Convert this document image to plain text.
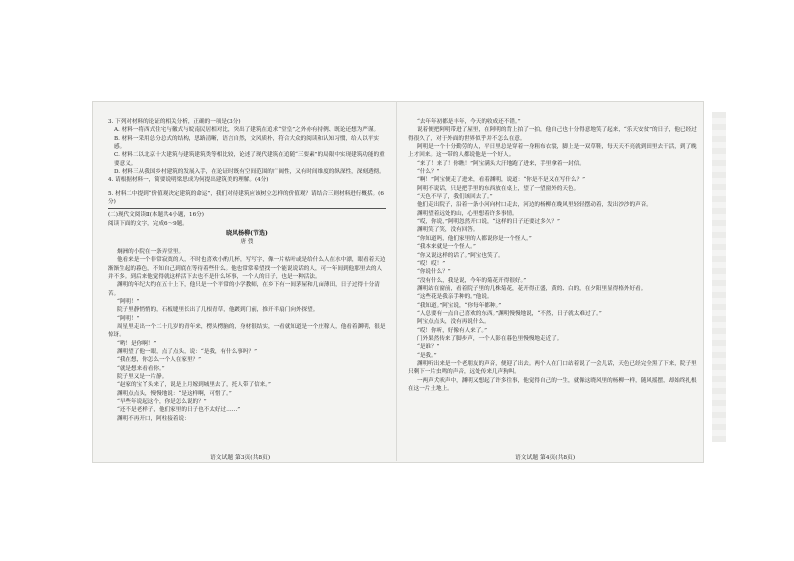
3. 下列对材料的论证的相关分析，正确的一项是(3分)

A. 材料一将西式住宅与徽式与皖南民居相对比，突出了建筑在追求“堂皇”之外亦有持例、既论还想为严谨。

B. 材料一采用总分总式的结构，思路清晰，语言自然，文风质朴，符合大众的阅读和认知习惯，给人以平实感。

C. 材料二以北京十大建筑与建筑建筑类等相比较，论述了现代建筑在追随“三要素”的局限中实现建筑功能的重要意义。

D. 材料三从我国乡村建筑的发展入手，在论证时既有空间范围的广阔性，又有时间维度的纵深性，深刻透彻。

4. 请根据材料一，简要说明梁思成为何提出建筑美的理解。(4分)

5. 材料二中提到“价值观决定建筑的命运”，我们对待建筑应该树立怎样的价值观？请结合三则材料进行概括。(6分)

(二)现代文阅读Ⅱ(本题共4小题，16分)

阅读下面的文字，完成6～9题。

晓风杨柳(节选)

唐 弢

炯洲的小院在一条弄堂里。

他看来是一个非常寂寞的人，不时也喜欢小酌几杯，写写字，像一片枯叶或是给什么人在水中漂，眼看着天边渐渐生起的暮色，不知自己到底在等待着些什么。他也常常希望找一个能说说话的人，可一年间到他那里去的人并不多。到后来他觉得就这样活下去也不是什么坏事，一个人的日子，也是一种活法。

渊明的年纪大约在五十上下，他只是一个平常的小学教师，在乡下有一间茅屋和几亩薄田，日子过得十分清苦。

“阿明！”

院子里静悄悄的，石板缝里长出了几根青草，他踱到门前，推开半扇门向外探望。

“阿明！”

周星里走出一个二十几岁的青年来，楞头楞脑的，身材很结实，一看就知道是一个庄稼人，他看着渊明，很是惊讶。

“哟！是你啊！”

渊明望了他一眼，点了点头，说：“是我，有什么事吗？”

“我在想，你怎么一个人在家里？”

“就是想来看看你。”

院子里又是一片静。

“赵家的宝丫头来了，说是上月嫁到城里去了，托人带了信来。”

渊明点点头，慢慢地说：“是这样啊，可惜了。”

“早些年说起这个，你是怎么说的？”

“还不是老样子，他们家里的日子也不太好过……”

渊明不再开口，阿柱接着说：

“去年年初都是丰年，今天的收成还不错。”

说着便把阿明带进了屋里，在阿明的背上拍了一拍，他自己也十分得意地笑了起来，“乐天安贫”的日子，他已经过得很久了，对于外面的世界似乎并不怎么在意。

阿明是一个十分勤劳的人，平日里总是穿着一身粗布衣裳，脚上是一双草鞋，每天天不亮就到田里去干活，到了晚上才回来。这一带的人都说他是一个好人。

“来了！来了！你瞧！”阿宝满头大汗地跑了进来，手里拿着一封信。

“什么？”

“啊！”阿宝便走了进来，看着渊明，说道：“你是不是又在写什么？”

阿明不说话，只是把手里的东西放在桌上，望了一望窗外的天色。

“天色不早了，我们该回去了。”

他们走出院子，沿着一条小河向村口走去，河边的杨柳在晚风里轻轻摆动着，发出沙沙的声音。

渊明望着远处的山，心里想着许多事情。

“哎，你说，”阿明忽然开口说，“这样的日子还要过多久？”

渊明笑了笑，没有回答。

“你知道吗，他们家里的人都说你是一个怪人。”

“我本来就是一个怪人。”

“你又说这样的话了。”阿宝也笑了。

“哎！哎！”

“你说什么？”

“没有什么，我是说，今年的菊花开得很好。”

渊明站在窗前，看着院子里的几株菊花，花开得正盛，黄的、白的，在夕阳里显得格外好看。

“这些花是我亲手种的。”他说。

“我知道。”阿宝说，“你每年都种。”

“人总要有一点自己喜欢的东西。”渊明慢慢地说，“不然，日子就太难过了。”

阿宝点点头，没有再说什么。

“哎！你听，好像有人来了。”

门外果然传来了脚步声，一个人影在暮色里慢慢地走近了。

“是谁？”

“是我。”

渊明听出来是一个老朋友的声音，便迎了出去。两个人在门口站着说了一会儿话，天色已经完全黑了下来，院子里只剩下一片虫鸣的声音，远处传来几声狗叫。

一两声犬吠声中，渊明又想起了许多往事，他觉得自己的一生，就像这晓风里的杨柳一样，随风摇摆，却始终扎根在这一片土地上。

语文试题 第3页(共8页)	语文试题 第4页(共8页)
